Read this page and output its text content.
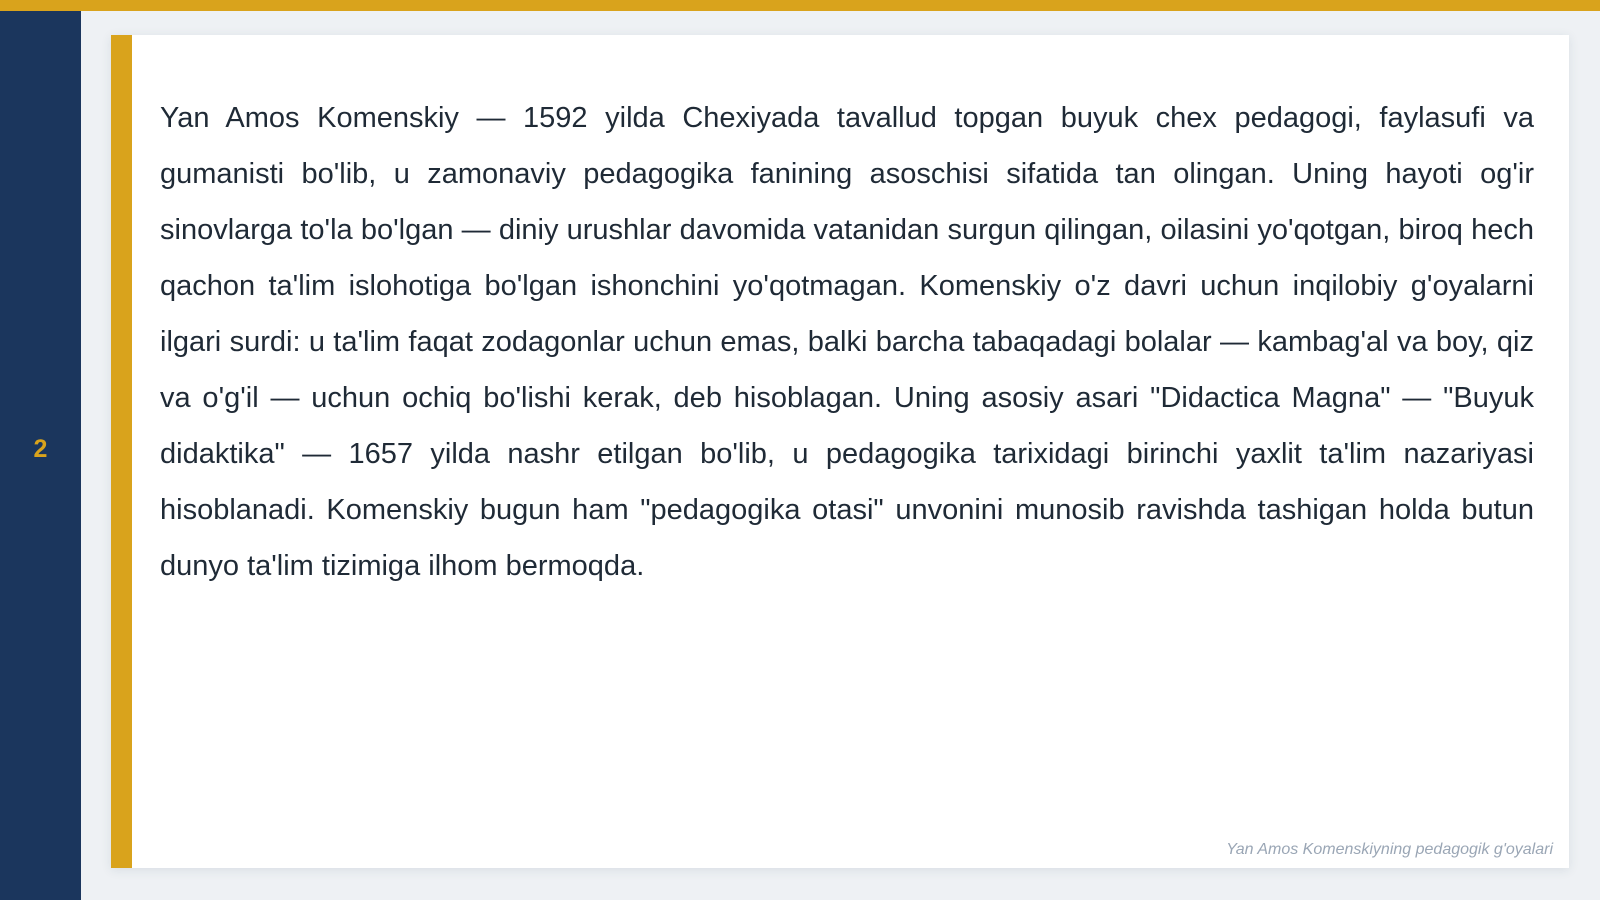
2

Yan Amos Komenskiy — 1592 yilda Chexiyada tavallud topgan buyuk chex pedagogi, faylasufi va gumanisti bo'lib, u zamonaviy pedagogika fanining asoschisi sifatida tan olingan. Uning hayoti og'ir sinovlarga to'la bo'lgan — diniy urushlar davomida vatanidan surgun qilingan, oilasini yo'qotgan, biroq hech qachon ta'lim islohotiga bo'lgan ishonchini yo'qotmagan. Komenskiy o'z davri uchun inqilobiy g'oyalarni ilgari surdi: u ta'lim faqat zodagonlar uchun emas, balki barcha tabaqadagi bolalar — kambag'al va boy, qiz va o'g'il — uchun ochiq bo'lishi kerak, deb hisoblagan. Uning asosiy asari "Didactica Magna" — "Buyuk didaktika" — 1657 yilda nashr etilgan bo'lib, u pedagogika tarixidagi birinchi yaxlit ta'lim nazariyasi hisoblanadi. Komenskiy bugun ham "pedagogika otasi" unvonini munosib ravishda tashigan holda butun dunyo ta'lim tizimiga ilhom bermoqda.

Yan Amos Komenskiyning pedagogik g'oyalari
